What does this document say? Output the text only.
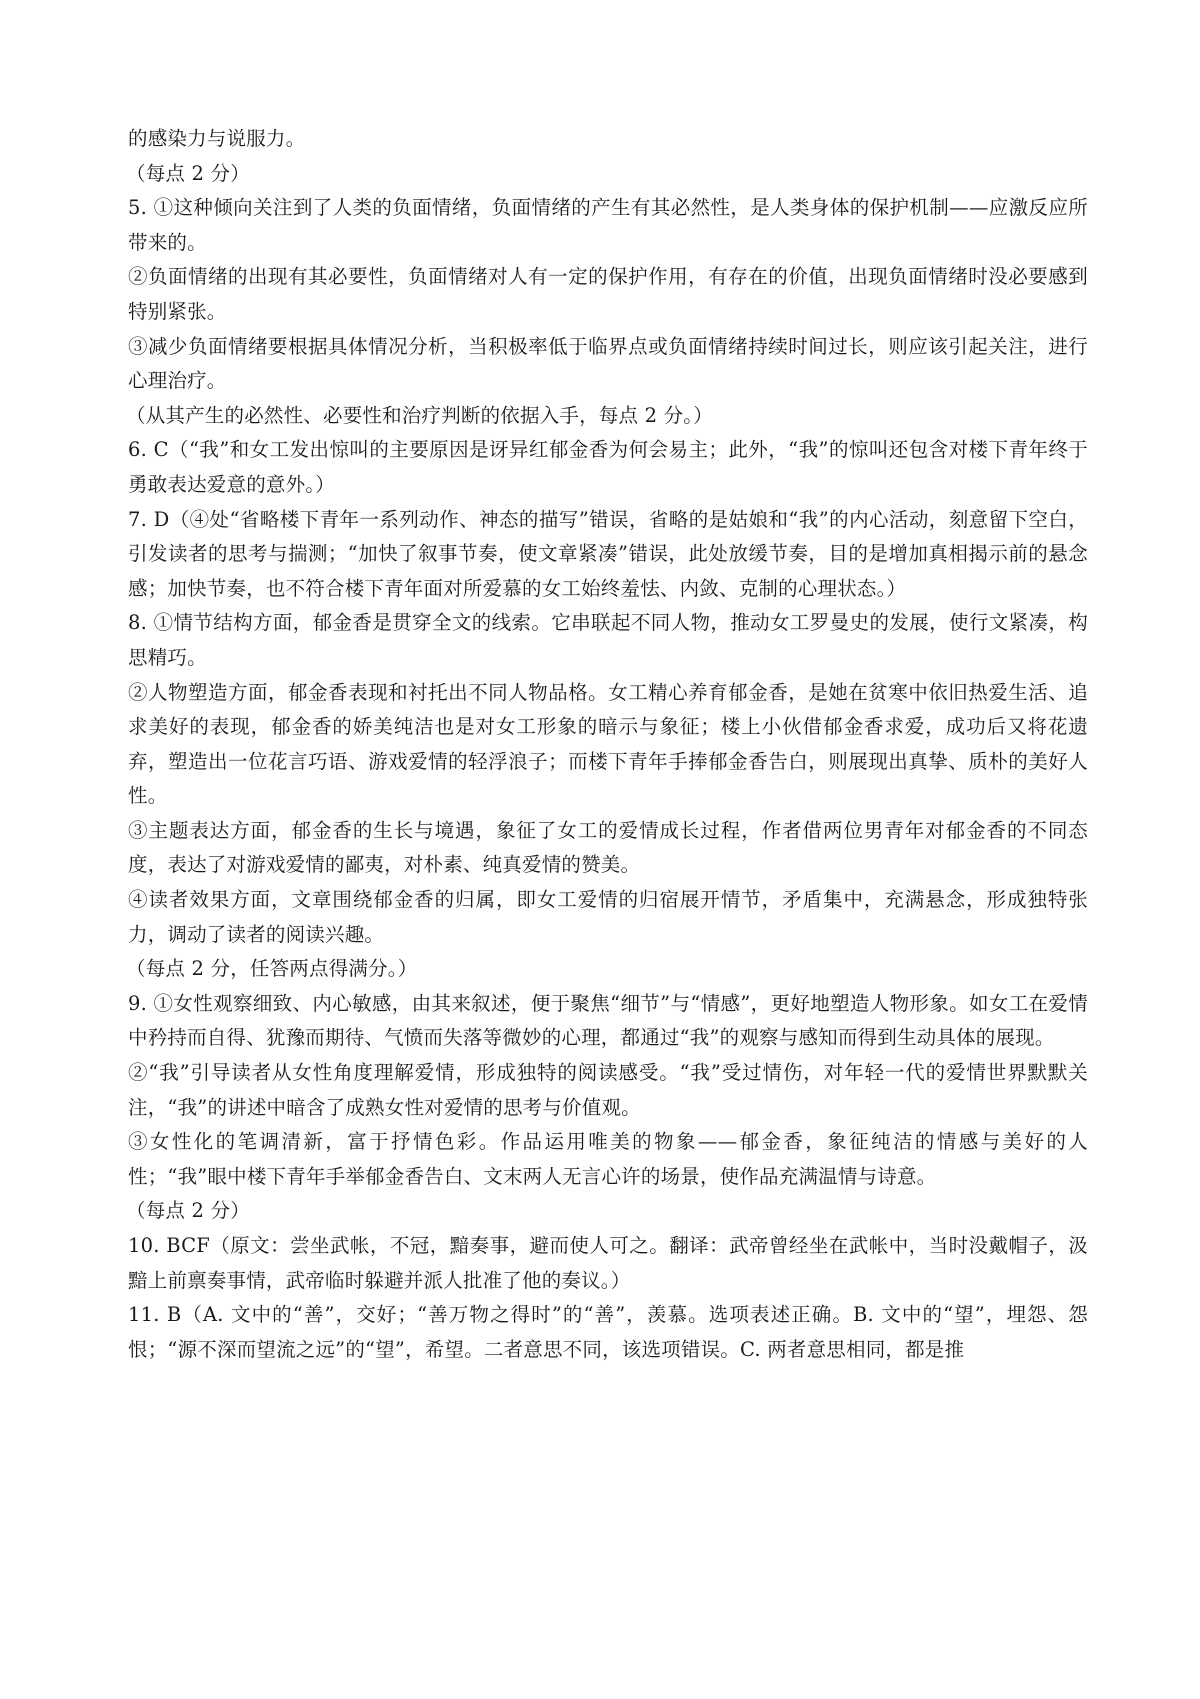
的感染力与说服力。

（每点 2 分）

5. ①这种倾向关注到了人类的负面情绪，负面情绪的产生有其必然性，是人类身体的保护机制——应激反应所带来的。

②负面情绪的出现有其必要性，负面情绪对人有一定的保护作用，有存在的价值，出现负面情绪时没必要感到特别紧张。

③减少负面情绪要根据具体情况分析，当积极率低于临界点或负面情绪持续时间过长，则应该引起关注，进行心理治疗。

（从其产生的必然性、必要性和治疗判断的依据入手，每点 2 分。）

6. C（“我”和女工发出惊叫的主要原因是讶异红郁金香为何会易主；此外，“我”的惊叫还包含对楼下青年终于勇敢表达爱意的意外。）

7. D（④处“省略楼下青年一系列动作、神态的描写”错误，省略的是姑娘和“我”的内心活动，刻意留下空白，引发读者的思考与揣测；“加快了叙事节奏，使文章紧凑”错误，此处放缓节奏，目的是增加真相揭示前的悬念感；加快节奏，也不符合楼下青年面对所爱慕的女工始终羞怯、内敛、克制的心理状态。）

8. ①情节结构方面，郁金香是贯穿全文的线索。它串联起不同人物，推动女工罗曼史的发展，使行文紧凑，构思精巧。

②人物塑造方面，郁金香表现和衬托出不同人物品格。女工精心养育郁金香，是她在贫寒中依旧热爱生活、追求美好的表现，郁金香的娇美纯洁也是对女工形象的暗示与象征；楼上小伙借郁金香求爱，成功后又将花遗弃，塑造出一位花言巧语、游戏爱情的轻浮浪子；而楼下青年手捧郁金香告白，则展现出真挚、质朴的美好人性。

③主题表达方面，郁金香的生长与境遇，象征了女工的爱情成长过程，作者借两位男青年对郁金香的不同态度，表达了对游戏爱情的鄙夷，对朴素、纯真爱情的赞美。

④读者效果方面，文章围绕郁金香的归属，即女工爱情的归宿展开情节，矛盾集中，充满悬念，形成独特张力，调动了读者的阅读兴趣。

（每点 2 分，任答两点得满分。）

9. ①女性观察细致、内心敏感，由其来叙述，便于聚焦“细节”与“情感”，更好地塑造人物形象。如女工在爱情中矜持而自得、犹豫而期待、气愤而失落等微妙的心理，都通过“我”的观察与感知而得到生动具体的展现。

②“我”引导读者从女性角度理解爱情，形成独特的阅读感受。“我”受过情伤，对年轻一代的爱情世界默默关注，“我”的讲述中暗含了成熟女性对爱情的思考与价值观。

③女性化的笔调清新，富于抒情色彩。作品运用唯美的物象——郁金香，象征纯洁的情感与美好的人性；“我”眼中楼下青年手举郁金香告白、文末两人无言心许的场景，使作品充满温情与诗意。

（每点 2 分）

10. BCF（原文：尝坐武帐，不冠，黯奏事，避而使人可之。翻译：武帝曾经坐在武帐中，当时没戴帽子，汲黯上前禀奏事情，武帝临时躲避并派人批准了他的奏议。）

11. B（A. 文中的“善”，交好；“善万物之得时”的“善”，羡慕。选项表述正确。B. 文中的“望”，埋怨、怨恨；“源不深而望流之远”的“望”，希望。二者意思不同，该选项错误。C. 两者意思相同，都是推
